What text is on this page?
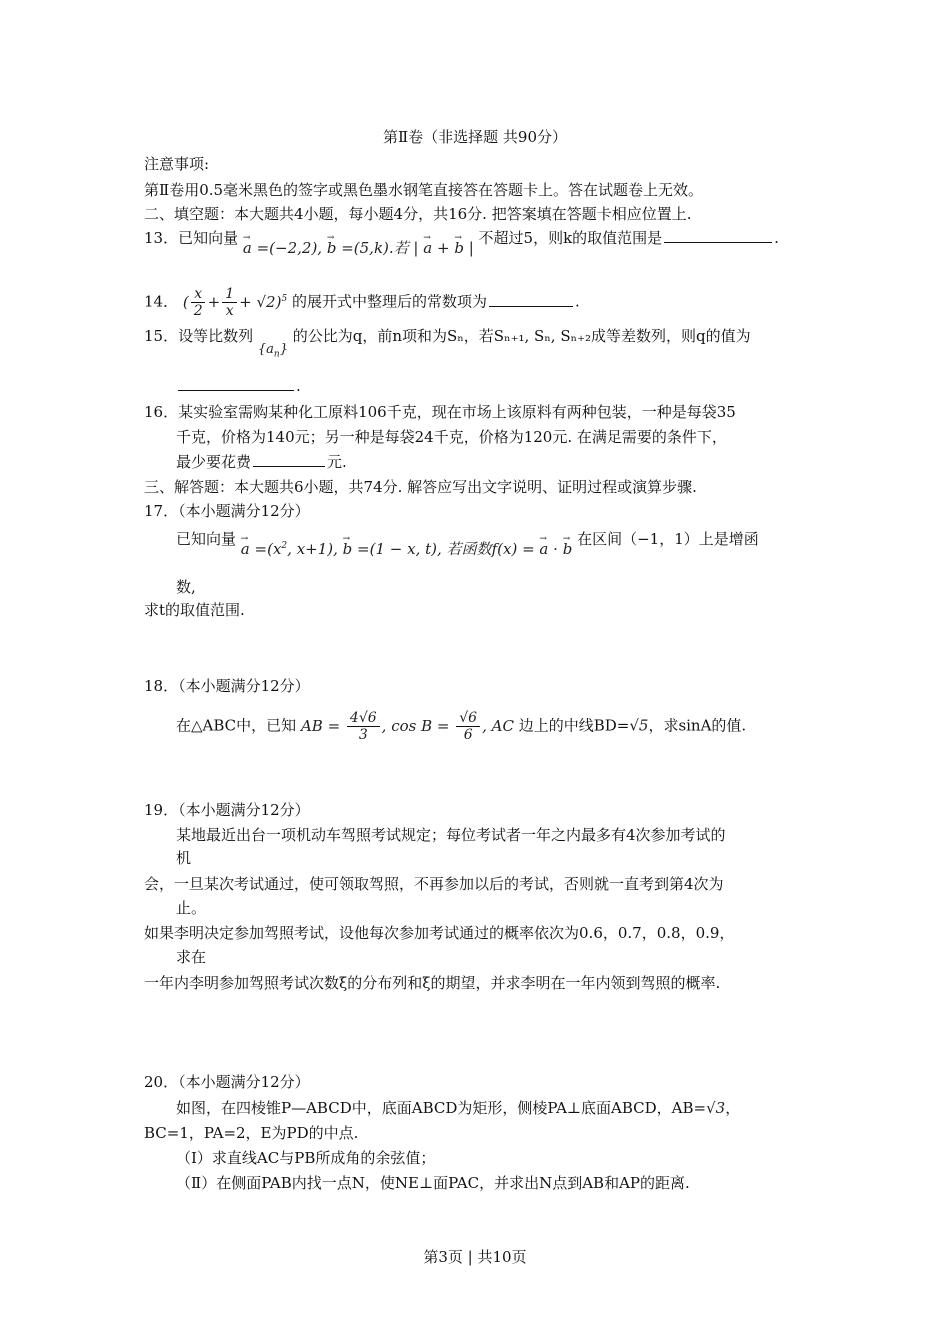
第Ⅱ卷（非选择题 共90分）
注意事项:
第Ⅱ卷用0.5毫米黑色的签字或黑色墨水钢笔直接答在答题卡上。答在试题卷上无效。
二、填空题：本大题共4小题，每小题4分，共16分. 把答案填在答题卡相应位置上.
13．已知向量 → a =(−2,2), → b =(5,k).若 | → a + → b | 不超过5，则k的取值范围是	.
14． ( $\frac{x}{2} + \frac{1}{x} + √2)^5$ 的展开式中整理后的常数项为	.
15．设等比数列 $\{a_n\}$ 的公比为q，前n项和为Sₙ，若Sₙ₊₁, Sₙ, Sₙ₊₂成等差数列，则q的值为
.
16．某实验室需购某种化工原料106千克，现在市场上该原料有两种包装，一种是每袋35
千克，价格为140元；另一种是每袋24千克，价格为120元. 在满足需要的条件下，
最少要花费	元.
三、解答题：本大题共6小题，共74分. 解答应写出文字说明、证明过程或演算步骤.
17．（本小题满分12分）
已知向量 → $a =(x^2$, x+1), → b =(1 − x, t), 若函数f(x) = → a · → b 在区间（−1，1）上是增函
数,
求t的取值范围.
18．（本小题满分12分）
在△ABC中，已知 AB = $\frac{4√6}{3}$ , $\cos B = \frac{√6}{6}$ , AC 边上的中线BD=√5，求sinA的值.
19．（本小题满分12分）
某地最近出台一项机动车驾照考试规定；每位考试者一年之内最多有4次参加考试的
机
会，一旦某次考试通过，使可领取驾照，不再参加以后的考试，否则就一直考到第4次为
止。
如果李明决定参加驾照考试，设他每次参加考试通过的概率依次为0.6，0.7，0.8，0.9，
求在
一年内李明参加驾照考试次数ξ的分布列和ξ的期望，并求李明在一年内领到驾照的概率.
20．（本小题满分12分）
如图，在四棱锥P—ABCD中，底面ABCD为矩形，侧棱PA⊥底面ABCD，AB=√3，
BC=1，PA=2，E为PD的中点.
（Ⅰ）求直线AC与PB所成角的余弦值；
（Ⅱ）在侧面PAB内找一点N，使NE⊥面PAC，并求出N点到AB和AP的距离.
第3页 | 共10页
